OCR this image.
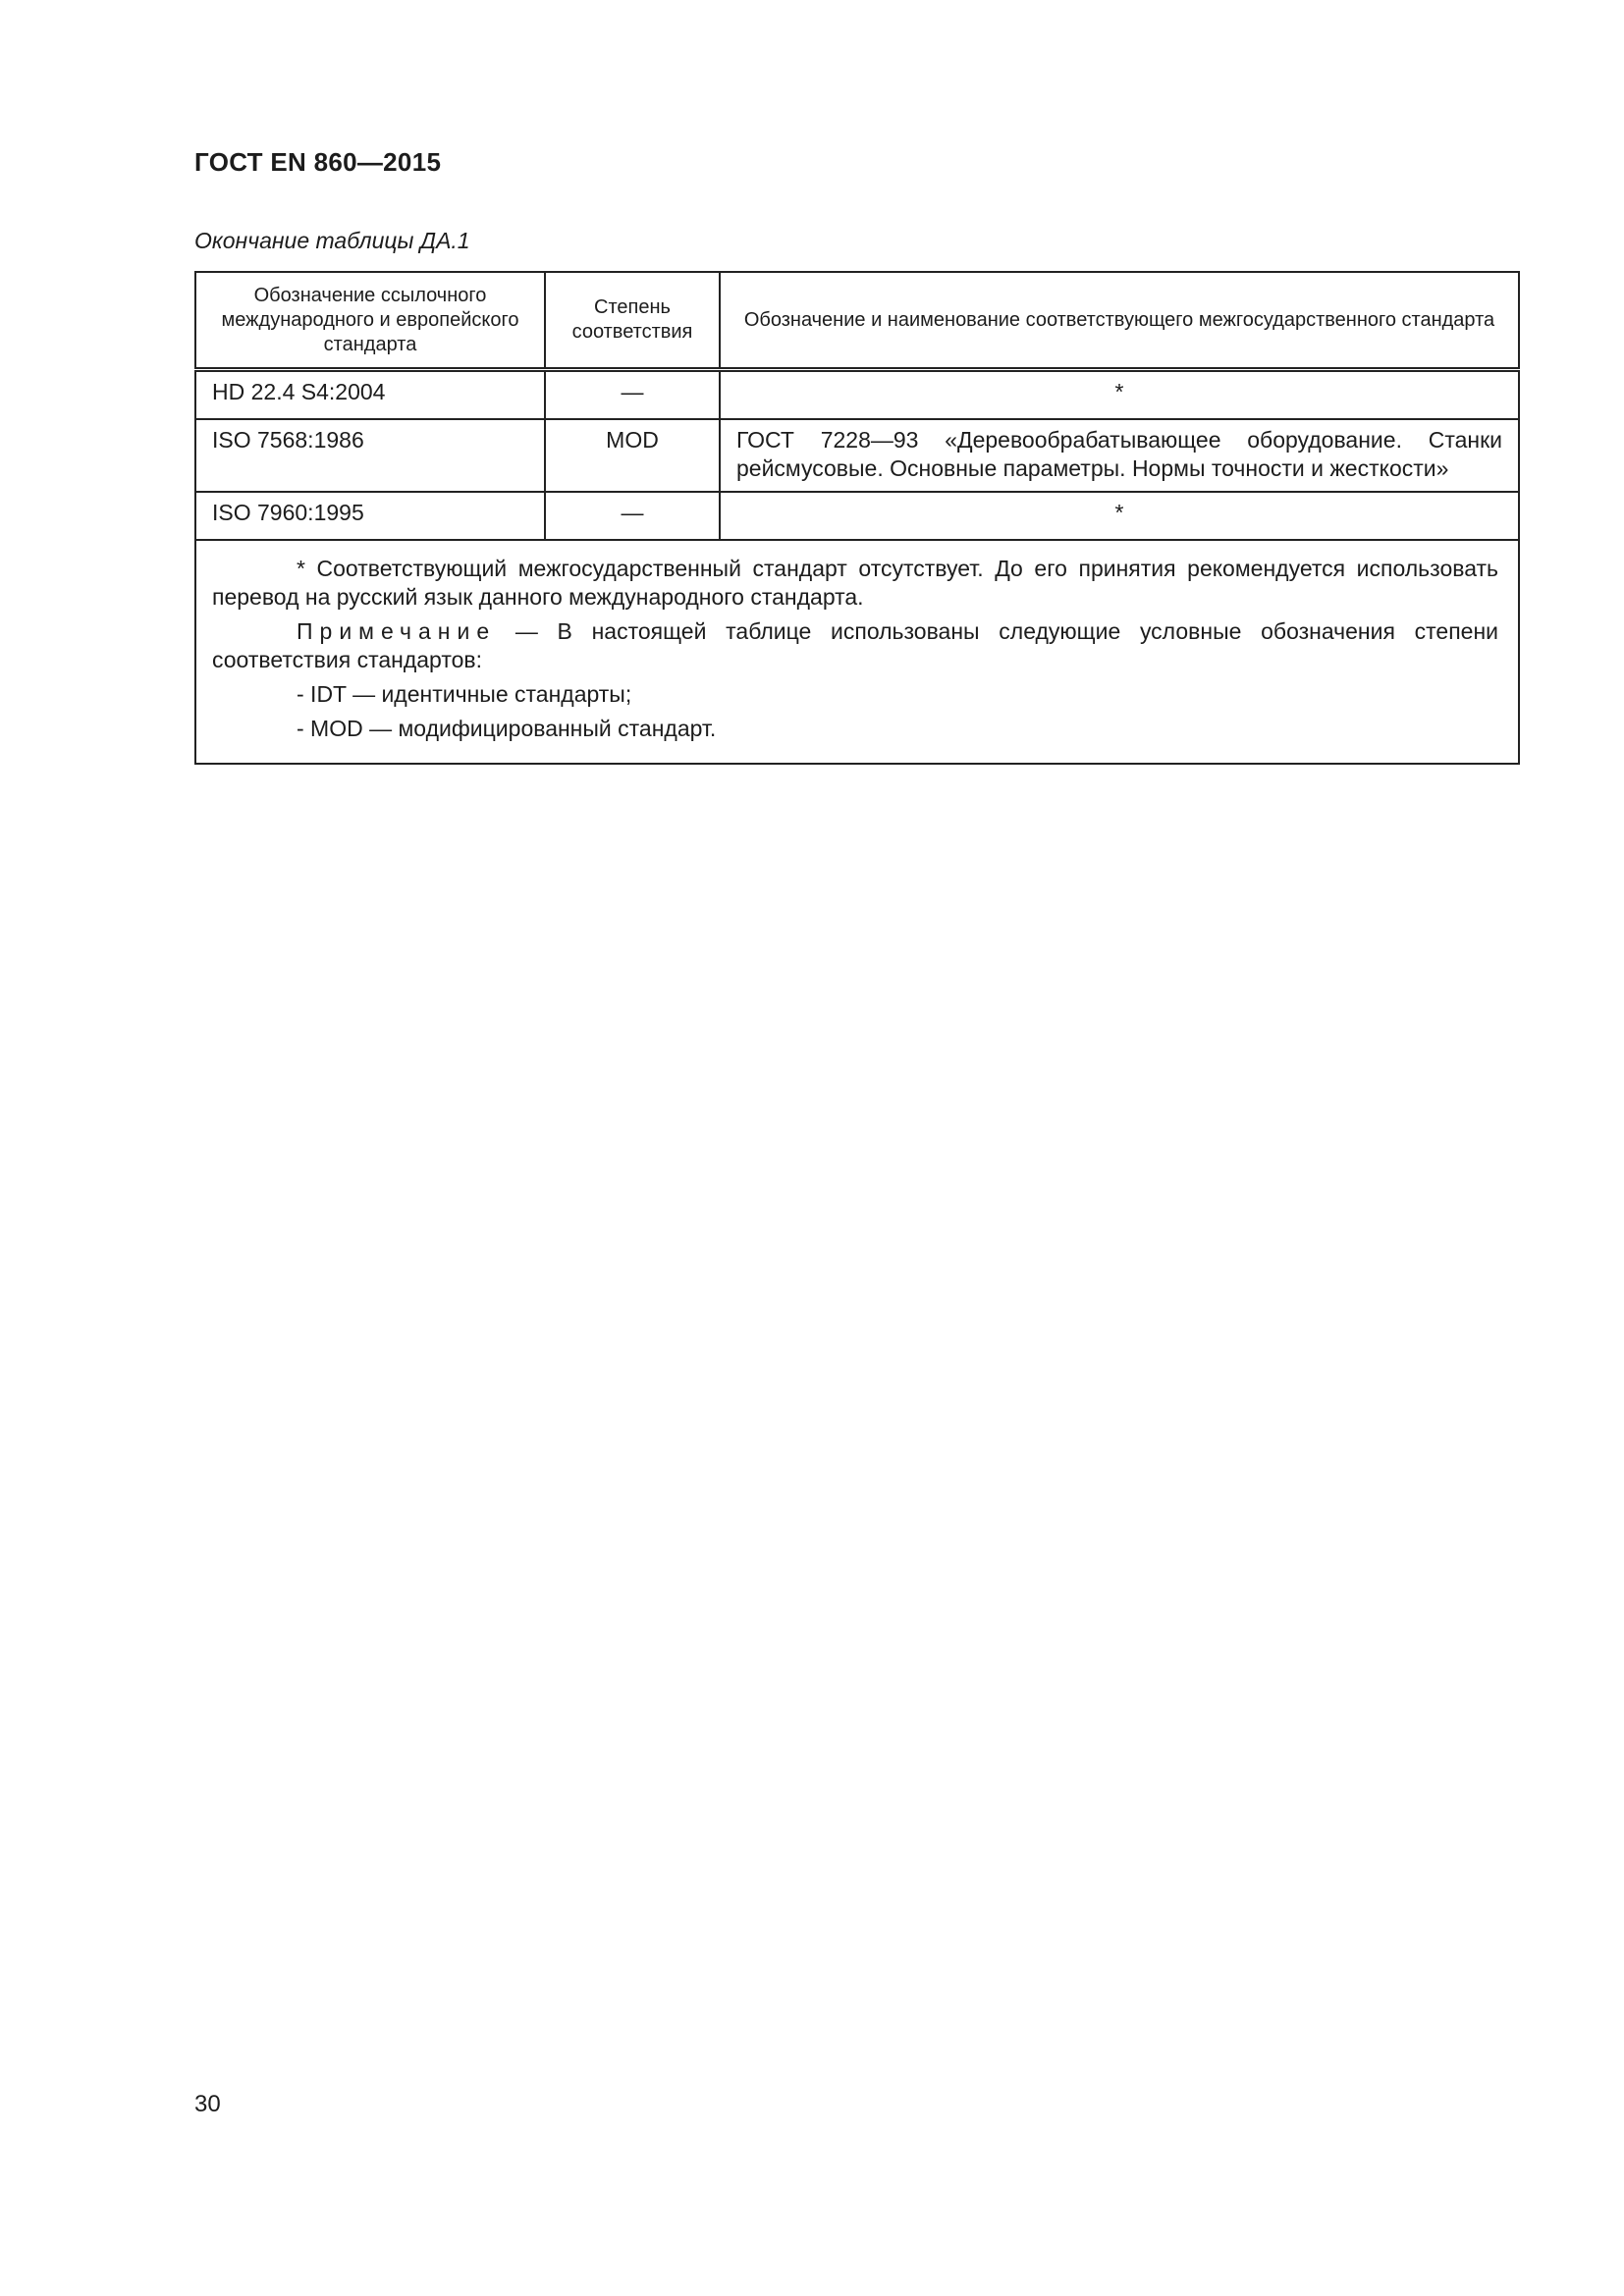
ГОСТ EN 860—2015
Окончание таблицы ДА.1
Обозначение ссылочного международного и европейского стандарта	Степень соответствия	Обозначение и наименование соответствующего межгосударственного стандарта
HD 22.4 S4:2004	—	*
ISO 7568:1986	MOD	ГОСТ 7228—93 «Деревообрабатывающее оборудование. Станки рейсмусовые. Основные параметры. Нормы точности и жесткости»
ISO 7960:1995	—	*

* Соответствующий межгосударственный стандарт отсутствует. До его принятия рекомендуется использовать перевод на русский язык данного международного стандарта.

Примечание — В настоящей таблице использованы следующие условные обозначения степени соответствия стандартов:

- IDT — идентичные стандарты;
- MOD — модифицированный стандарт.		
30
